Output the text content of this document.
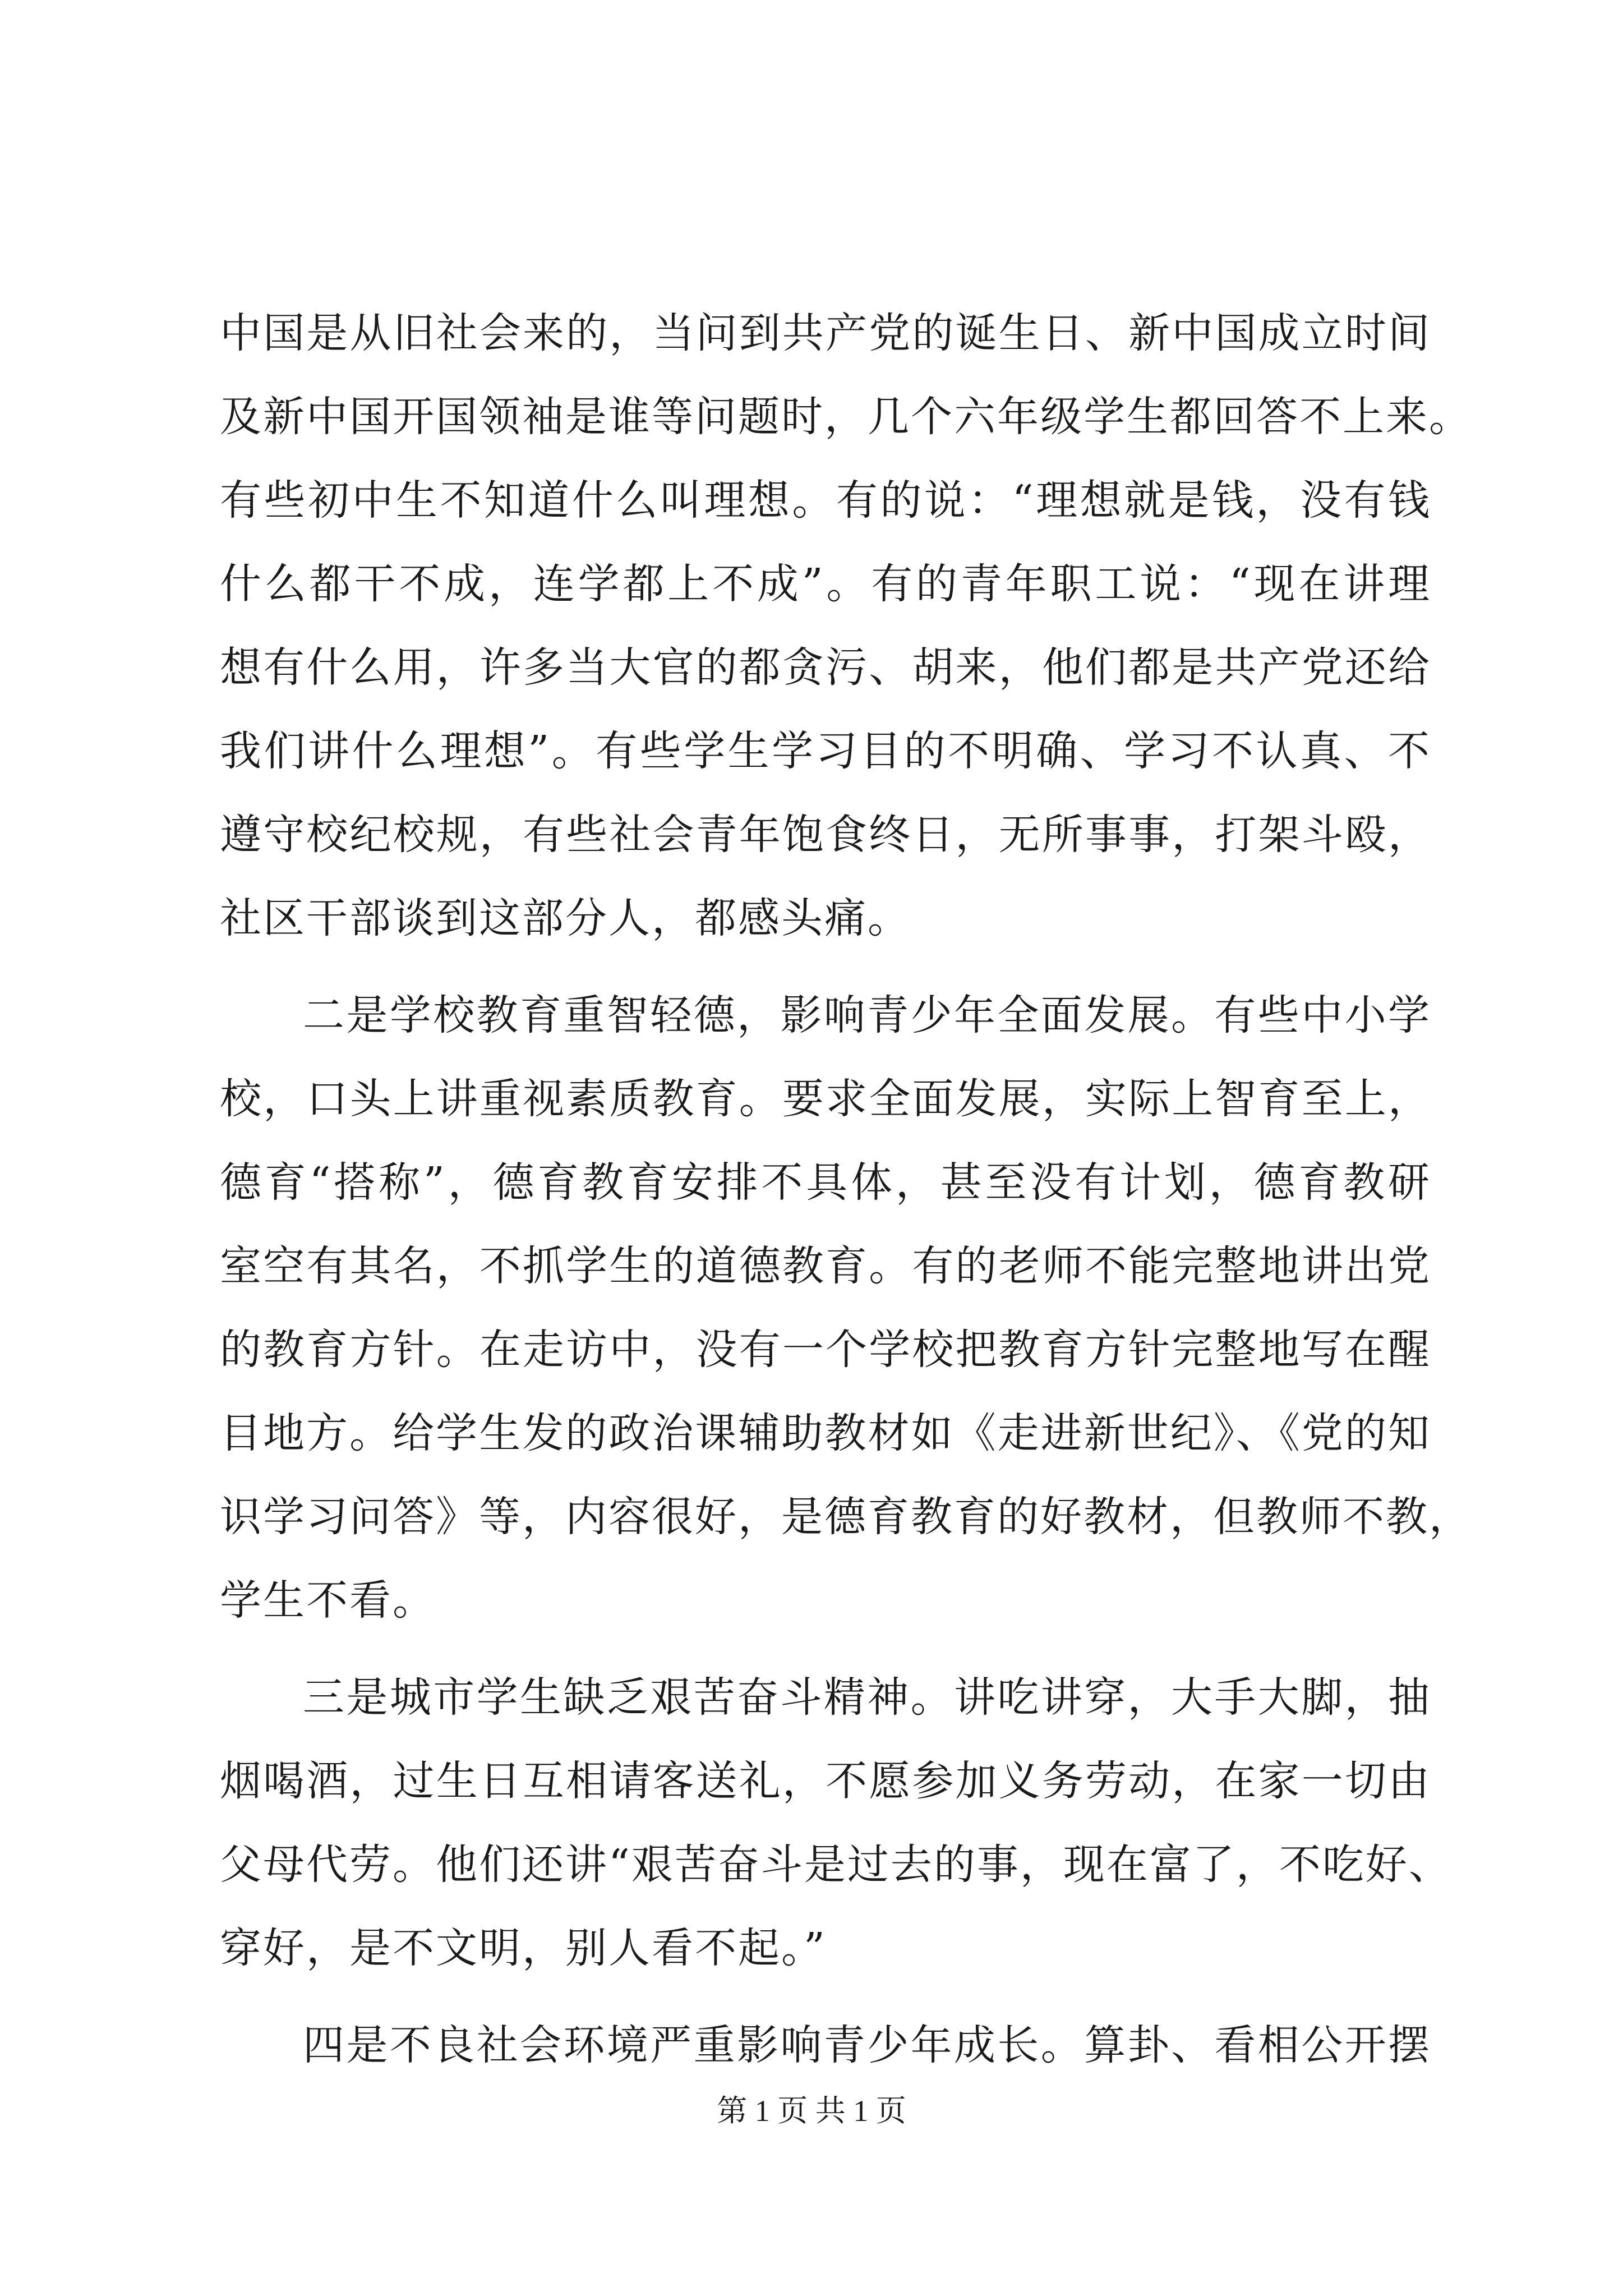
中国是从旧社会来的，当问到共产党的诞生日、新中国成立时间
及新中国开国领袖是谁等问题时，几个六年级学生都回答不上来。
有些初中生不知道什么叫理想。有的说：“理想就是钱，没有钱
什么都干不成，连学都上不成”。有的青年职工说：“现在讲理
想有什么用，许多当大官的都贪污、胡来，他们都是共产党还给
我们讲什么理想”。有些学生学习目的不明确、学习不认真、不
遵守校纪校规，有些社会青年饱食终日，无所事事，打架斗殴，
社区干部谈到这部分人，都感头痛。
二是学校教育重智轻德，影响青少年全面发展。有些中小学
校，口头上讲重视素质教育。要求全面发展，实际上智育至上，
德育“搭称”，德育教育安排不具体，甚至没有计划，德育教研
室空有其名，不抓学生的道德教育。有的老师不能完整地讲出党
的教育方针。在走访中，没有一个学校把教育方针完整地写在醒
目地方。给学生发的政治课辅助教材如《走进新世纪》、《党的知
识学习问答》等，内容很好，是德育教育的好教材，但教师不教，
学生不看。
三是城市学生缺乏艰苦奋斗精神。讲吃讲穿，大手大脚，抽
烟喝酒，过生日互相请客送礼，不愿参加义务劳动，在家一切由
父母代劳。他们还讲“艰苦奋斗是过去的事，现在富了，不吃好、
穿好，是不文明，别人看不起。”
四是不良社会环境严重影响青少年成长。算卦、看相公开摆
第 1 页 共 1 页
